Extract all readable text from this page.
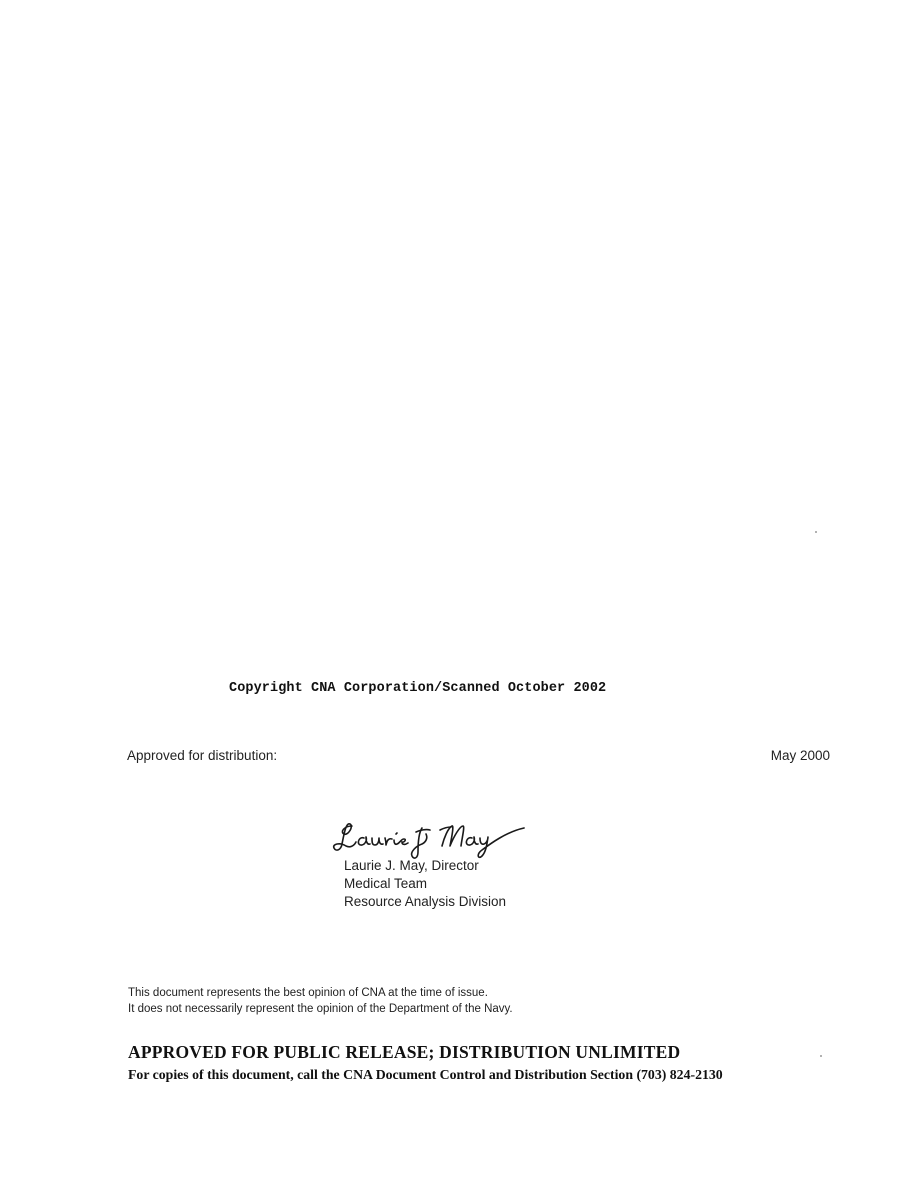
Copyright CNA Corporation/Scanned October 2002
Approved for distribution:	May 2000
Laurie J. May, Director
Medical Team
Resource Analysis Division
This document represents the best opinion of CNA at the time of issue.
It does not necessarily represent the opinion of the Department of the Navy.
APPROVED FOR PUBLIC RELEASE; DISTRIBUTION UNLIMITED
For copies of this document, call the CNA Document Control and Distribution Section (703) 824-2130
